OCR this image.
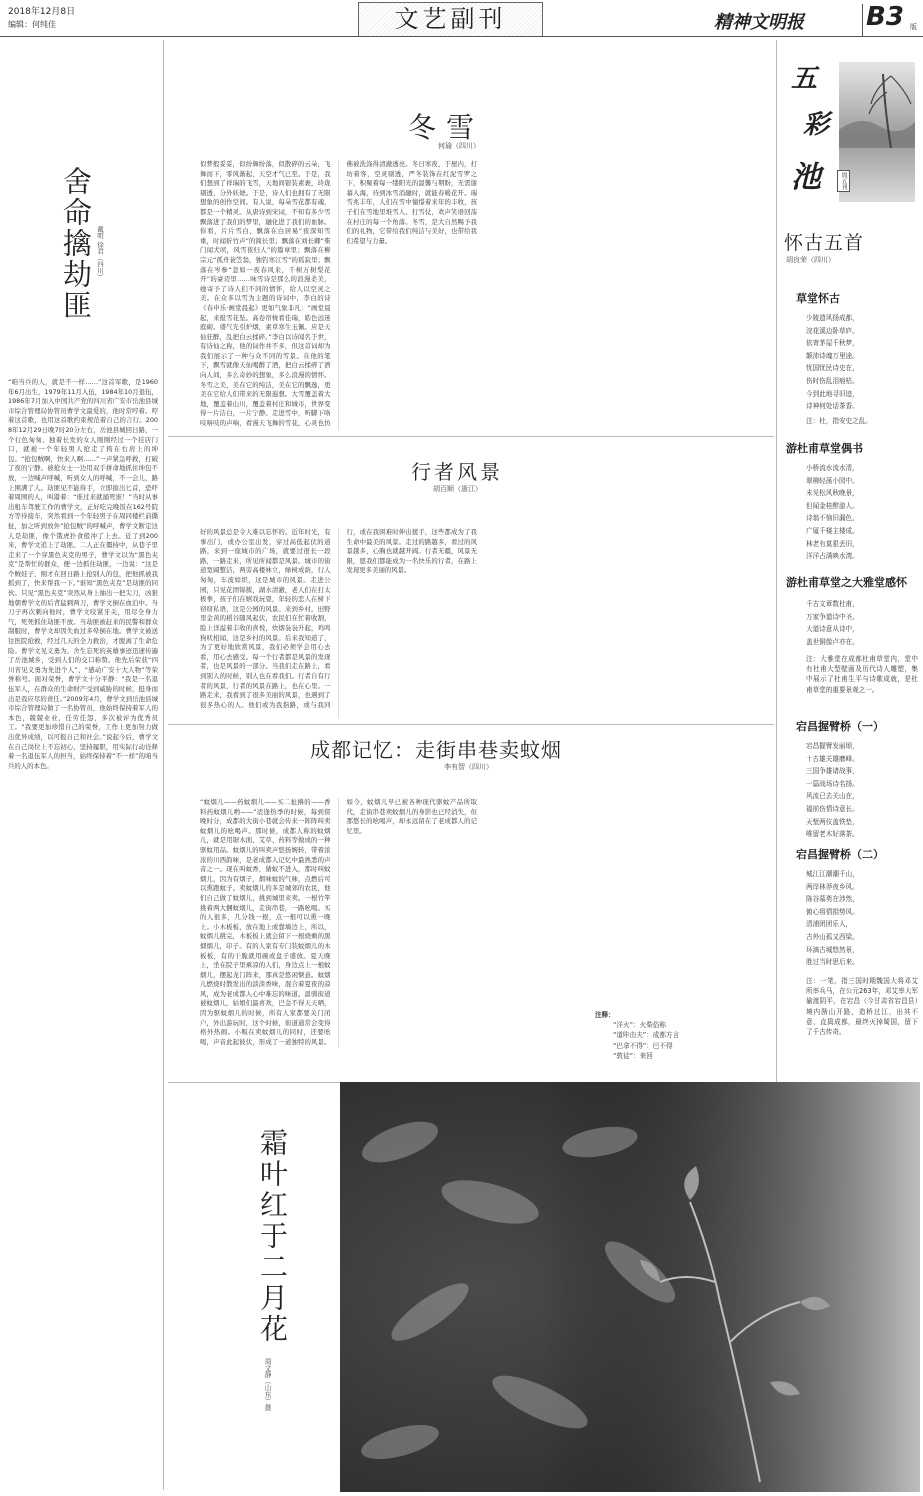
2018年12月8日
编辑：何纯佳	文艺副刊	精神文明报 B3 版
舍命擒劫匪 戴明 徐君（四川）
“咱当兵的人，就是不一样……”这首军歌，是1960年6月出生，1979年11月入伍，1984年10月退伍，1986年7月加入中国共产党的四川省广安市岳池县城市综合管理局协管员曹学文最爱的，他时常哼着。哼着这首歌，也用这首歌约束规范着自己的言行。2008年12月29日晚7时20分左右，岳池县城回日路，一个行色匆匆、独着长发的女人刚刚经过一个挂店门口，就被一个年轻男人抢走了挎在右肩上的坤包。“抢包贼啊，快来人啊……”一声紧急呼救，打破了夜的宁静。被抢女士一边用双手拼命地抓住坤包不放，一边喊声呼喊，听到女人的呼喊，不一会儿，路上围满了人。劫匪见不能得手，立即拔出匕首，恐吓着周围的人，叫嚣着：“谁过来就捅死谁！”当时从事出租车驾驶工作的曹学文，正好吃完晚饭在162号院方等待接车，突然看到一个年轻男子在周同楼栏前撕扯，加之听到放外“抢包贼”的呼喊声，曹学文断定这人是劫匪，像个饿虎扑食般冲了上去。近了到200米，曹学文追上了劫匪。二人正在僵持中，从巷子里走来了一个穿黑色夹克的男子，曹学文以为“黑色夹克”是帮忙的群众，便一边抓住劫匪，一边说：“这是个贼娃子，刚才在回日路上抢别人的包，把他抓被我抓到了，快来帮我一下。”谁知“黑色夹克”是劫匪的同伙。只见“黑色夹克”突然从身上抽出一把尖刀，凶狠地朝曹学文的后背猛刺两刀，曹学文倒在血泊中。当刀子再次刺向他时，曹学文咬紧牙关，用尽全身力气，死死抓住劫匪不放。当劫匪被赶来的民警和群众制服时，曹学文却因失血过多晕倒在地。曹学文被送往医院抢救，经过几天的全力救治，才脱离了生命危险。曹学文见义勇为、舍生忘死的英雄事迹迅速传遍了岳池城乡，受到人们的交口称赞。他先后荣获“四川省见义勇为先进个人”、“感动广安十大人物”等荣誉称号。面对荣誉，曹学文十分平静：“我是一名退伍军人，在群众的生命财产受到威胁的时候，挺身而出是我应尽的责任。”2009年4月，曹学文到岳池县城市综合管理局做了一名协管员，他始终保持着军人的本色，兢兢业业，任劳任怨，多次被评为优秀员工。“我要更加珍惜自己的荣誉，工作上更加努力做出优异成绩，以可报自己和社会。”说起今后，曹学文在自己岗位上不忘初心，坚持履职，用实际行动诠释着一名退伍军人的担当，始终保持着“不一样”的咱当兵的人的本色。
冬雪
何瑜（四川）
似梦般妥妥，似纷舞纷落，似散碎的云朵，飞舞而下，零风渐起，天空才气已至。于是，我们想到了祥瑞的飞雪，天地间银装素裹，玲珑剔透，分外妖娆。于是，诗人们也拥有了无限想象的创作空间。有人说，每朵雪花都有魂，都是一个精灵。从唐诗到宋词，不知有多少雪飘落进了我们的梦里，融化进了我们的血脉。你看，片片雪白，飘落在白居易“夜深知雪重，时闻折竹声”的简长里；飘落在刘长卿“柴门闻犬吠，风雪夜归人”的篇章里；飘落在柳宗元“孤舟蓑笠翁，独钓寒江雪”的孤寂里；飘落在岑参“忽如一夜春风来，千树万树梨花开”的豪迈里……咏雪诗是那么的浪漫柔美，她寄予了诗人们不同的情怀，给人以空灵之美。在众多以雪为主题的诗词中，李白的诗《春申乐·画堂晨起》更如气象非凡：“画堂晨起，来报雪花坠。高卷帘栊看佳瑞，皓色远迷庭砌。盛气光引炉烟，素草寒生玉佩。应是天仙狂醉，乱把白云揉碎。”李白以诗闻名于世，有诗仙之称，他的词作并不多，但这首词却为我们展示了一种与众不同的雪景。在他的笔下，飘雪就像天仙喝醉了酒，把白云揉碎了洒向人间，多么奇妙的想象，多么浪漫的情怀。冬雪之美，美在它的纯洁，美在它的飘逸，更美在它给人们带来的无限遐想。大雪覆盖着大地，覆盖着山川，覆盖着村庄和城市，世界变得一片洁白，一片宁静。走进雪中，听脚下咯吱咯吱的声响，看漫天飞舞的雪花，心灵也仿佛被洗涤得清澈透亮。冬日寒夜，于屋内，打坊着客，空灵剔透，严冬装饰在红泥雪罗之下，积聚着每一缕阳光的温馨与期盼，无需谢幕入海，待到冰雪消融时，就能春暖花开。瑞雪兆丰年，人们在雪中憧憬着来年的丰收，孩子们在雪地里堆雪人、打雪仗，欢声笑语回荡在村庄的每一个角落。冬雪，是大自然赐予我们的礼物，它带给我们纯洁与美好，也带给我们希望与力量。
行者风景
胡百顺（浙江）
好的风景总是令人难以忘怀的。近年时光，有事出门，或办公室出发，穿过高低起伏的道路，来到一座城市的广场，就要过很长一段路，一路走来，所见所闻都是风景。城市的街道宽阔整洁，两旁高楼林立，绿树成荫，行人匆匆，车流如织，这是城市的风景。走进公园，只见花团锦簇，湖水清澈，老人们在打太极拳，孩子们在嬉戏玩耍，年轻的恋人在树下窃窃私语，这是公园的风景。来到乡村，田野里金黄的稻谷随风起伏，农民们在忙着收割，脸上洋溢着丰收的喜悦，炊烟袅袅升起，鸡鸣狗吠相闻，这是乡村的风景。后来我知道了，为了更好地欣赏风景，我们必须学会用心去看，用心去感受。每一个行者都是风景的发现者，也是风景的一部分。当我们走在路上，看到别人的时候，别人也在看我们。行者自有行者的风景，行者的风景在路上，也在心里。一路走来，我看到了很多美丽的风景，也遇到了很多热心的人。他们或为我指路，或与我同行，或在我困难时伸出援手，这些都成为了我生命中最美的风景。走过的路越多，看过的风景越多，心胸也就越开阔。行者无疆，风景无限，愿我们都能成为一名快乐的行者，在路上发现更多美丽的风景。
成都记忆：走街串巷卖蚊烟
李有智（四川）
“蚊烟儿——药蚊烟儿——买二扯擤的——香料药蚊烟儿哟——”适逢热季的时候，每到傍晚时分，成都的大街小巷就会传来一阵阵叫卖蚊烟儿的吆喝声。那时候，成都人称的蚊烟儿，就是用锯木面、艾草、药料等做成的一种驱蚊用品。蚊烟儿的叫卖声悠扬婉转，带着浓浓的川西韵味，是老成都人记忆中最熟悉的声音之一。现在叫蚊香，猜蚁不进入，那时叫蚊烟儿，因为有烟子，烟味蚊的气味，点燃后可以熏跑蚊子。卖蚊烟儿的多是城郊的农民，他们自己做了蚊烟儿，挑到城里来卖。一根竹竿挑着两大捆蚊烟儿，走街串巷，一路吆喝。买的人很多，几分钱一根，点一根可以熏一晚上。小木板板，放在地上或靠墙边上，所以，蚊烟儿挑完，木板板上就会留下一根烧剩的黑烟烟儿，印子。有的人家有专门装蚊烟儿的木板板，有的干脆就用碗或盘子盛放。夏天晚上，坐在院子里乘凉的人们，身边点上一根蚊烟儿，摆起龙门阵来，那真是悠闲惬意。蚊烟儿燃烧时散发出的淡淡香味，混合着夏夜的凉风，成为老成都人心中难忘的味道。温驯街道被蚊烟儿，姑娘们最喜欢，巴金不得天天晒，因为驱蚊烟儿的时候，所有人家都要关门闭户，外出游玩时，这个时候，街道通常会变得格外热闹。小贩在卖蚊烟儿的同时，还要吆喝，声音此起彼伏，形成了一道独特的风景。如今，蚊烟儿早已被各种现代驱蚊产品所取代，走街串巷卖蚊烟儿的身影也已经消失，但那悠长的吆喝声，却永远留在了老成都人的记忆里。
注释：
“洋火”：火柴俗称
“道咔由夫”：成都方言
“巴拿不得”：巴不得
“敦徒”：来回
五
彩
池	周五刊
怀古五首
胡良荣（四川）
草堂怀古
少陵遗风扬成都，
浣花溪边卧草庐。
依寄茅屋千秋梦，
颠沛诗魂万里途。
忧国忧民诗史在，
伤时伤乱泪痕枯。
今到此地寻旧迹，
诗神何处话茶香。
注：杜，指安史之乱。
游杜甫草堂偶书
小桥流水流水清，
翠柳轻荡小园中。
未见松风秋晚景，
但闻金桂醉游人。
诗翁不恼旧漏色，
广厦千楼主楼成。
林老有莫狠丢旧，
洋洋占满映水湾。
游杜甫草堂之大雅堂感怀
千古文章数杜甫，
万家争道诗中圣。
大道诗意从诗中，
盖世铜像卢亦在。
注：大雅堂在成都杜甫草堂内，堂中有杜甫大型壁画及历代诗人雕塑，集中展示了杜甫生平与诗歌成就，是杜甫草堂的重要景观之一。
宕昌握臂桥（一）
宕昌握臂发丽颂，
十古雄关雄磨峰。
三国争雄诸战事，
一篇战场诗名扬。
风流已去关山在，
福前伤情诗意长。
天堑两仪盖铁垫，
唯留老木好落茶。
宕昌握臂桥（二）
城江江潮潮千山，
两岸林莽夜乡风。
陈谷慕勇在涉然，
俯心将情捐势风。
清浦团团乐人，
古外山孤又西梁。
环滴古城悠然景，
胜过当时思后来。
注：一笔，指三国时期魏国大将邓艾所率兵马，在公元263年，邓艾率大军偷渡阴平，在宕昌（今甘肃省宕昌县）境内凿山开路，造桥过江，出其不意，直捣成都，最终灭掉蜀国，留下了千古传奇。
霜叶红于二月花
周文静（山东）摄
